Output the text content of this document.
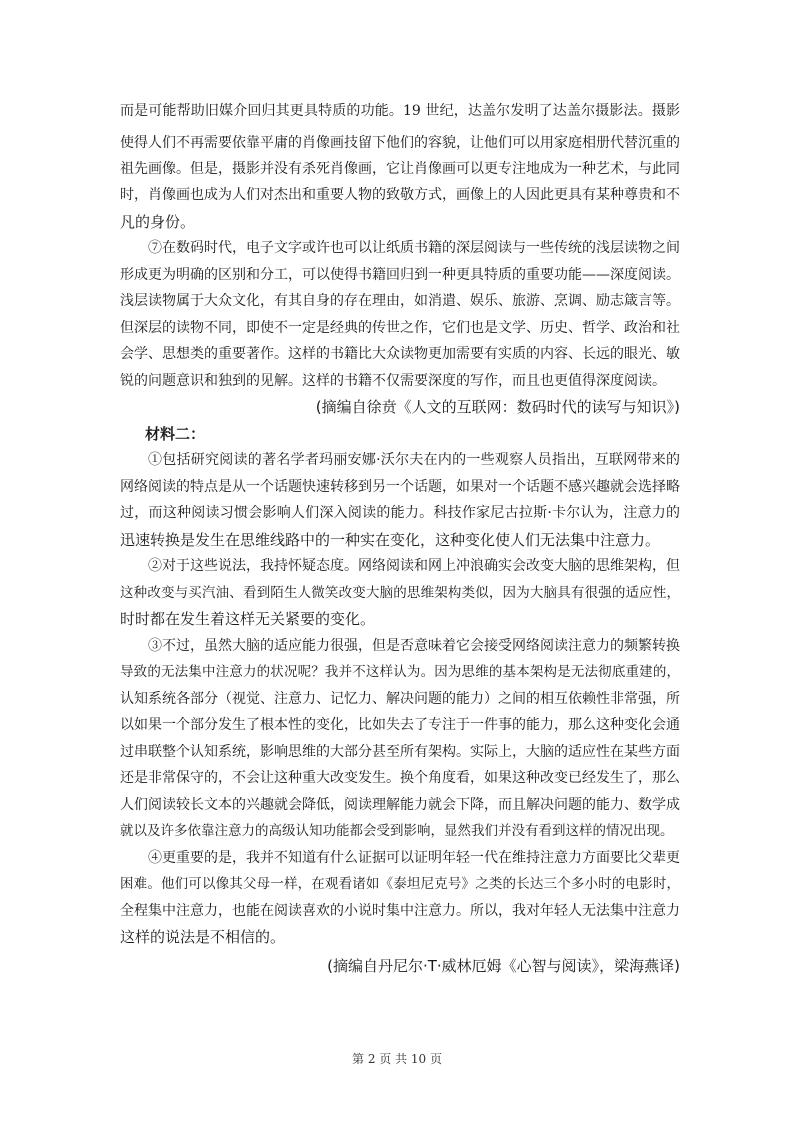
而是可能帮助旧媒介回归其更具特质的功能。19 世纪，达盖尔发明了达盖尔摄影法。摄影
使得人们不再需要依靠平庸的肖像画技留下他们的容貌，让他们可以用家庭相册代替沉重的
祖先画像。但是，摄影并没有杀死肖像画，它让肖像画可以更专注地成为一种艺术，与此同
时，肖像画也成为人们对杰出和重要人物的致敬方式，画像上的人因此更具有某种尊贵和不
凡的身份。
⑦在数码时代，电子文字或许也可以让纸质书籍的深层阅读与一些传统的浅层读物之间
形成更为明确的区别和分工，可以使得书籍回归到一种更具特质的重要功能——深度阅读。
浅层读物属于大众文化，有其自身的存在理由，如消遣、娱乐、旅游、烹调、励志箴言等。
但深层的读物不同，即使不一定是经典的传世之作，它们也是文学、历史、哲学、政治和社
会学、思想类的重要著作。这样的书籍比大众读物更加需要有实质的内容、长远的眼光、敏
锐的问题意识和独到的见解。这样的书籍不仅需要深度的写作，而且也更值得深度阅读。
(摘编自徐贲《人文的互联网：数码时代的读写与知识》)
材料二：
①包括研究阅读的著名学者玛丽安娜·沃尔夫在内的一些观察人员指出，互联网带来的
网络阅读的特点是从一个话题快速转移到另一个话题，如果对一个话题不感兴趣就会选择略
过，而这种阅读习惯会影响人们深入阅读的能力。科技作家尼古拉斯·卡尔认为，注意力的
迅速转换是发生在思维线路中的一种实在变化，这种变化使人们无法集中注意力。
②对于这些说法，我持怀疑态度。网络阅读和网上冲浪确实会改变大脑的思维架构，但
这种改变与买汽油、看到陌生人微笑改变大脑的思维架构类似，因为大脑具有很强的适应性，
时时都在发生着这样无关紧要的变化。
③不过，虽然大脑的适应能力很强，但是否意味着它会接受网络阅读注意力的频繁转换
导致的无法集中注意力的状况呢？我并不这样认为。因为思维的基本架构是无法彻底重建的，
认知系统各部分（视觉、注意力、记忆力、解决问题的能力）之间的相互依赖性非常强，所
以如果一个部分发生了根本性的变化，比如失去了专注于一件事的能力，那么这种变化会通
过串联整个认知系统，影响思维的大部分甚至所有架构。实际上，大脑的适应性在某些方面
还是非常保守的，不会让这种重大改变发生。换个角度看，如果这种改变已经发生了，那么
人们阅读较长文本的兴趣就会降低，阅读理解能力就会下降，而且解决问题的能力、数学成
就以及许多依靠注意力的高级认知功能都会受到影响，显然我们并没有看到这样的情况出现。
④更重要的是，我并不知道有什么证据可以证明年轻一代在维持注意力方面要比父辈更
困难。他们可以像其父母一样，在观看诸如《泰坦尼克号》之类的长达三个多小时的电影时，
全程集中注意力，也能在阅读喜欢的小说时集中注意力。所以，我对年轻人无法集中注意力
这样的说法是不相信的。
(摘编自丹尼尔·T·威林厄姆《心智与阅读》，梁海燕译)
第 2 页 共 10 页
